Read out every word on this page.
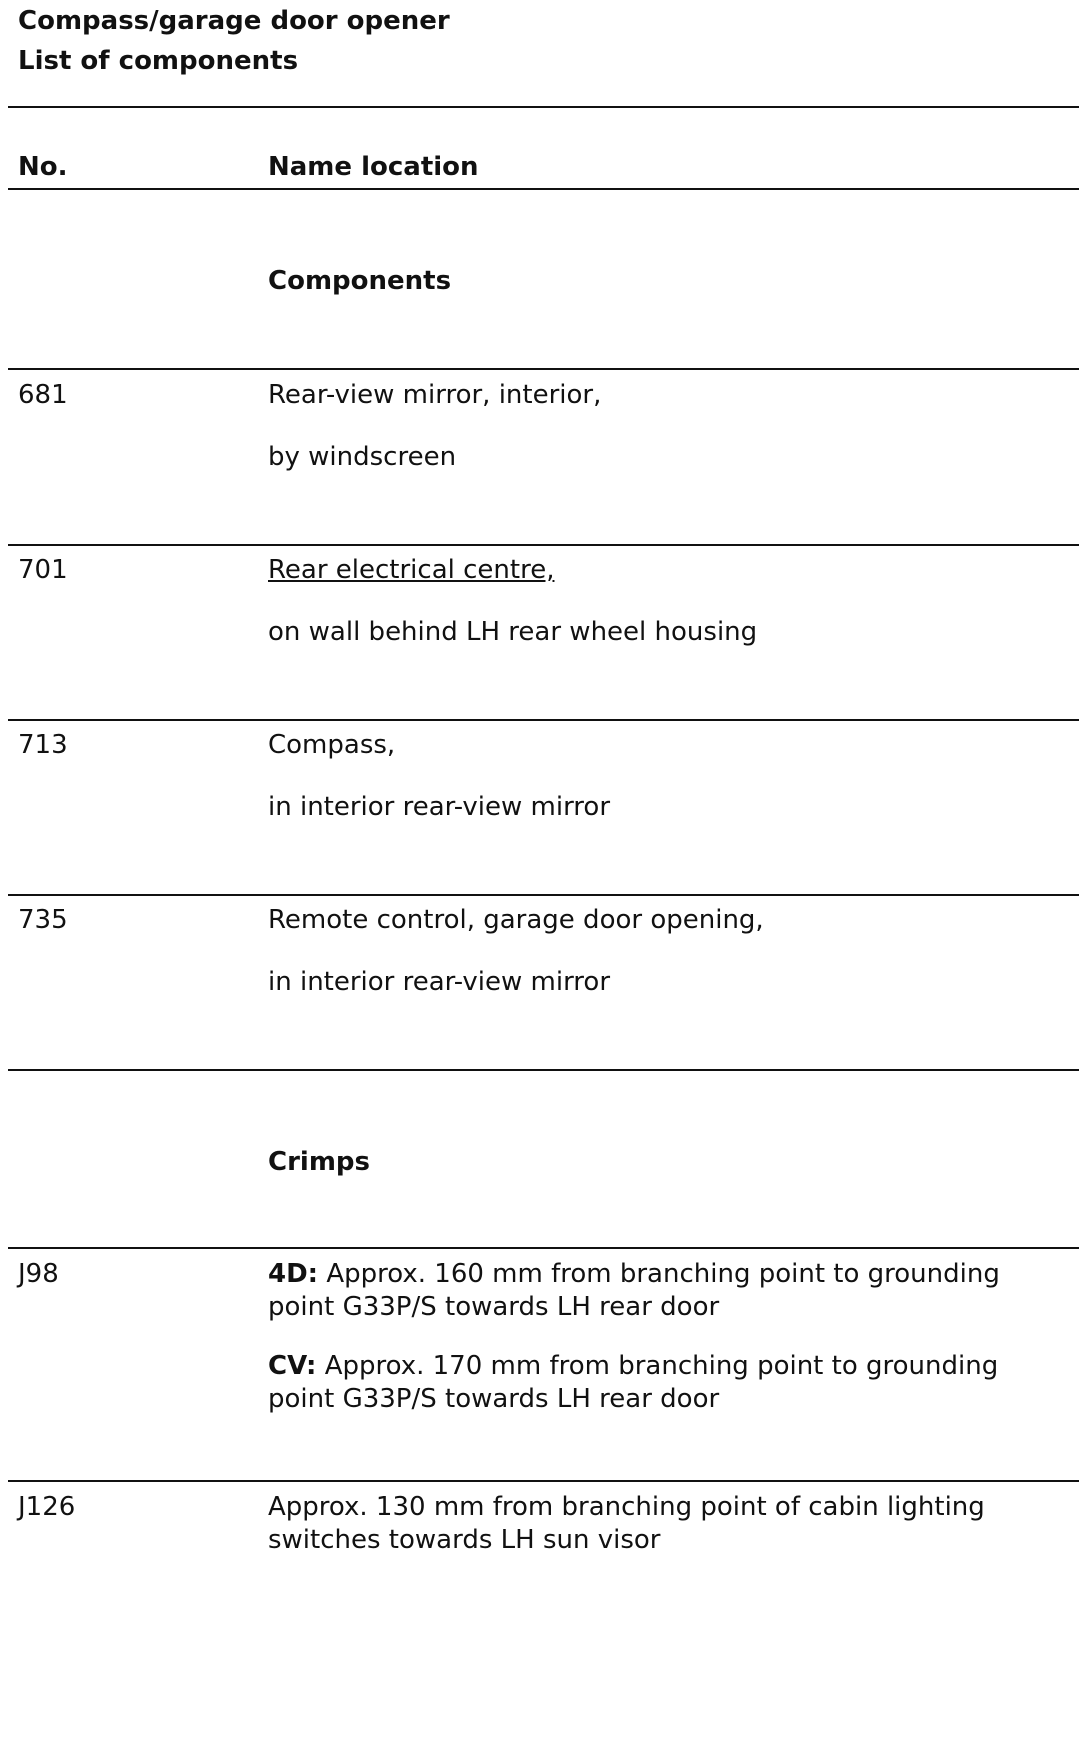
Compass/garage door opener
List of components
No.	Name location
Components
681	Rear-view mirror, interior,
by windscreen
701	Rear electrical centre,
on wall behind LH rear wheel housing
713	Compass,
in interior rear-view mirror
735	Remote control, garage door opening,
in interior rear-view mirror
Crimps
J98	4D: Approx. 160 mm from branching point to grounding point G33P/S towards LH rear door
CV: Approx. 170 mm from branching point to grounding point G33P/S towards LH rear door
J126	Approx. 130 mm from branching point of cabin lighting switches towards LH sun visor
